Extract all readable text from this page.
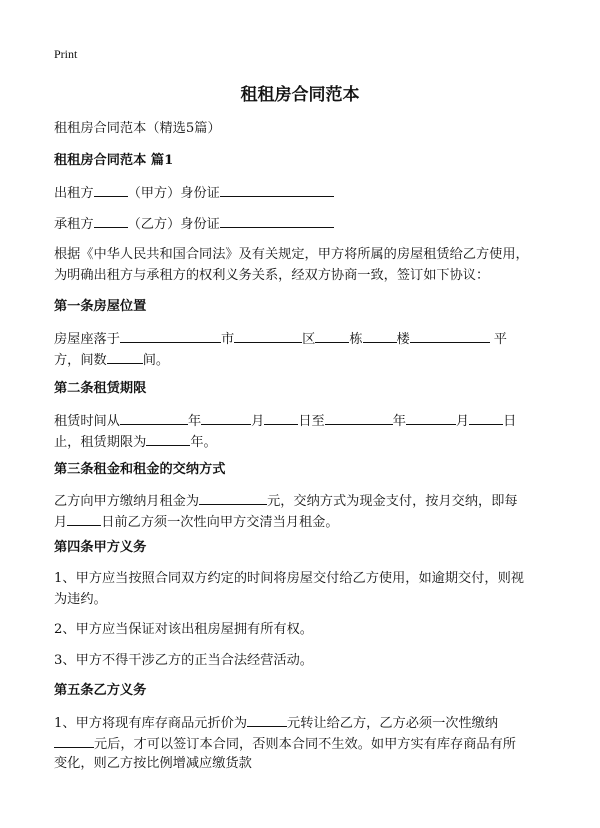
Print
租租房合同范本
租租房合同范本（精选5篇）
租租房合同范本 篇1
出租方	（甲方）身份证
承租方	（乙方）身份证
根据《中华人民共和国合同法》及有关规定，甲方将所属的房屋租赁给乙方使用，
为明确出租方与承租方的权利义务关系，经双方协商一致，签订如下协议：
第一条房屋位置
房屋座落于	市	区	栋	楼	平
方，间数	间。
第二条租赁期限
租赁时间从	年	月	日至	年	月	日
止，租赁期限为	年。
第三条租金和租金的交纳方式
乙方向甲方缴纳月租金为	元，交纳方式为现金支付，按月交纳，即每
月	日前乙方须一次性向甲方交清当月租金。
第四条甲方义务
1、甲方应当按照合同双方约定的时间将房屋交付给乙方使用，如逾期交付，则视
为违约。
2、甲方应当保证对该出租房屋拥有所有权。
3、甲方不得干涉乙方的正当合法经营活动。
第五条乙方义务
1、甲方将现有库存商品元折价为	元转让给乙方，乙方必须一次性缴纳
元后，才可以签订本合同，否则本合同不生效。如甲方实有库存商品有所
变化，则乙方按比例增减应缴货款
